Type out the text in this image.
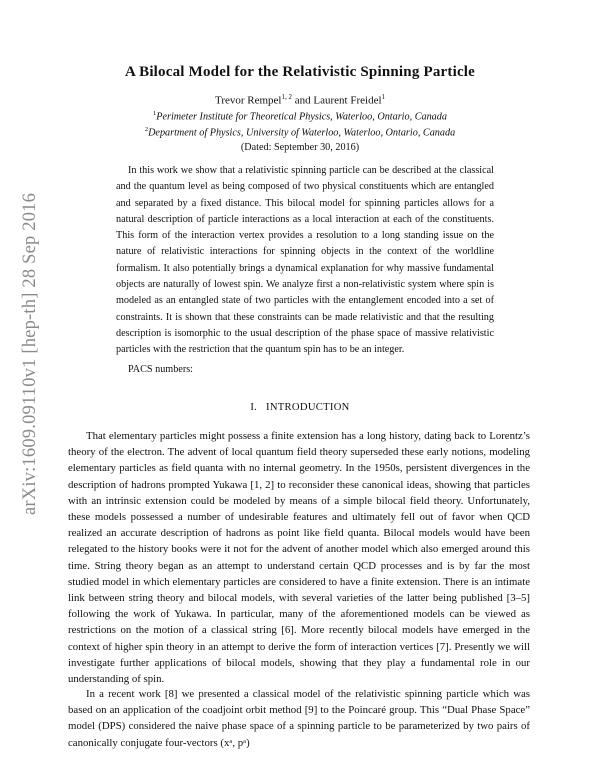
arXiv:1609.09110v1 [hep-th] 28 Sep 2016
A Bilocal Model for the Relativistic Spinning Particle
Trevor Rempel$^{1, 2}$ and Laurent Freidel$^1$
$^1$Perimeter Institute for Theoretical Physics, Waterloo, Ontario, Canada
$^2$Department of Physics, University of Waterloo, Waterloo, Ontario, Canada
(Dated: September 30, 2016)

In this work we show that a relativistic spinning particle can be described at the classical and the quantum level as being composed of two physical constituents which are entangled and separated by a fixed distance. This bilocal model for spinning particles allows for a natural description of particle interactions as a local interaction at each of the constituents. This form of the interaction vertex provides a resolution to a long standing issue on the nature of relativistic interactions for spinning objects in the context of the worldline formalism. It also potentially brings a dynamical explanation for why massive fundamental objects are naturally of lowest spin. We analyze first a non-relativistic system where spin is modeled as an entangled state of two particles with the entanglement encoded into a set of constraints. It is shown that these constraints can be made relativistic and that the resulting description is isomorphic to the usual description of the phase space of massive relativistic particles with the restriction that the quantum spin has to be an integer.

PACS numbers:
I. INTRODUCTION

That elementary particles might possess a finite extension has a long history, dating back to Lorentz’s theory of the electron. The advent of local quantum field theory superseded these early notions, modeling elementary particles as field quanta with no internal geometry. In the 1950s, persistent divergences in the description of hadrons prompted Yukawa [1, 2] to reconsider these canonical ideas, showing that particles with an intrinsic extension could be modeled by means of a simple bilocal field theory. Unfortunately, these models possessed a number of undesirable features and ultimately fell out of favor when QCD realized an accurate description of hadrons as point like field quanta. Bilocal models would have been relegated to the history books were it not for the advent of another model which also emerged around this time. String theory began as an attempt to understand certain QCD processes and is by far the most studied model in which elementary particles are considered to have a finite extension. There is an intimate link between string theory and bilocal models, with several varieties of the latter being published [3–5] following the work of Yukawa. In particular, many of the aforementioned models can be viewed as restrictions on the motion of a classical string [6]. More recently bilocal models have emerged in the context of higher spin theory in an attempt to derive the form of interaction vertices [7]. Presently we will investigate further applications of bilocal models, showing that they play a fundamental role in our understanding of spin.

In a recent work [8] we presented a classical model of the relativistic spinning particle which was based on an application of the coadjoint orbit method [9] to the Poincaré group. This “Dual Phase Space” model (DPS) considered the naive phase space of a spinning particle to be parameterized by two pairs of canonically conjugate four-vectors (xᵃ, pᵃ)
